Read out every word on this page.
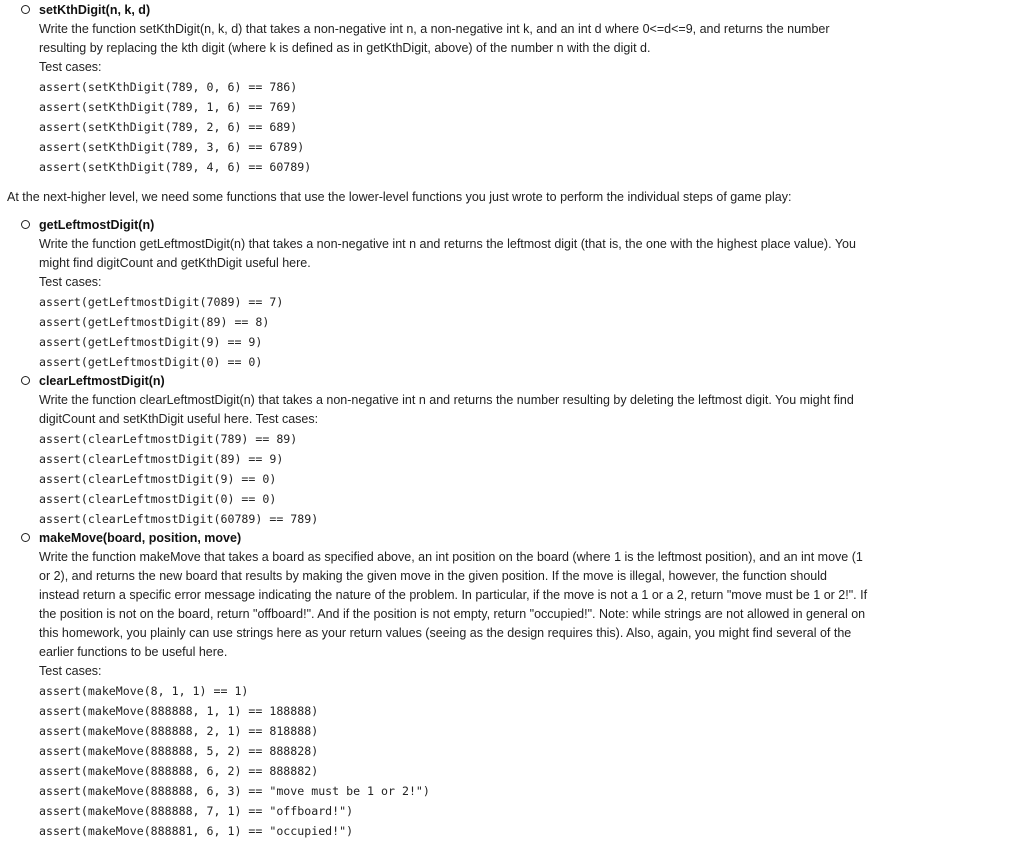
setKthDigit(n, k, d)
Write the function setKthDigit(n, k, d) that takes a non-negative int n, a non-negative int k, and an int d where 0<=d<=9, and returns the number resulting by replacing the kth digit (where k is defined as in getKthDigit, above) of the number n with the digit d.
Test cases:
assert(setKthDigit(789, 0, 6) == 786)
assert(setKthDigit(789, 1, 6) == 769)
assert(setKthDigit(789, 2, 6) == 689)
assert(setKthDigit(789, 3, 6) == 6789)
assert(setKthDigit(789, 4, 6) == 60789)
At the next-higher level, we need some functions that use the lower-level functions you just wrote to perform the individual steps of game play:
getLeftmostDigit(n)
Write the function getLeftmostDigit(n) that takes a non-negative int n and returns the leftmost digit (that is, the one with the highest place value). You might find digitCount and getKthDigit useful here.
Test cases:
assert(getLeftmostDigit(7089) == 7)
assert(getLeftmostDigit(89) == 8)
assert(getLeftmostDigit(9) == 9)
assert(getLeftmostDigit(0) == 0)
clearLeftmostDigit(n)
Write the function clearLeftmostDigit(n) that takes a non-negative int n and returns the number resulting by deleting the leftmost digit. You might find digitCount and setKthDigit useful here. Test cases:
assert(clearLeftmostDigit(789) == 89)
assert(clearLeftmostDigit(89) == 9)
assert(clearLeftmostDigit(9) == 0)
assert(clearLeftmostDigit(0) == 0)
assert(clearLeftmostDigit(60789) == 789)
makeMove(board, position, move)
Write the function makeMove that takes a board as specified above, an int position on the board (where 1 is the leftmost position), and an int move (1 or 2), and returns the new board that results by making the given move in the given position. If the move is illegal, however, the function should instead return a specific error message indicating the nature of the problem. In particular, if the move is not a 1 or a 2, return "move must be 1 or 2!". If the position is not on the board, return "offboard!". And if the position is not empty, return "occupied!". Note: while strings are not allowed in general on this homework, you plainly can use strings here as your return values (seeing as the design requires this). Also, again, you might find several of the earlier functions to be useful here.
Test cases:
assert(makeMove(8, 1, 1) == 1)
assert(makeMove(888888, 1, 1) == 188888)
assert(makeMove(888888, 2, 1) == 818888)
assert(makeMove(888888, 5, 2) == 888828)
assert(makeMove(888888, 6, 2) == 888882)
assert(makeMove(888888, 6, 3) == "move must be 1 or 2!")
assert(makeMove(888888, 7, 1) == "offboard!")
assert(makeMove(888881, 6, 1) == "occupied!")
